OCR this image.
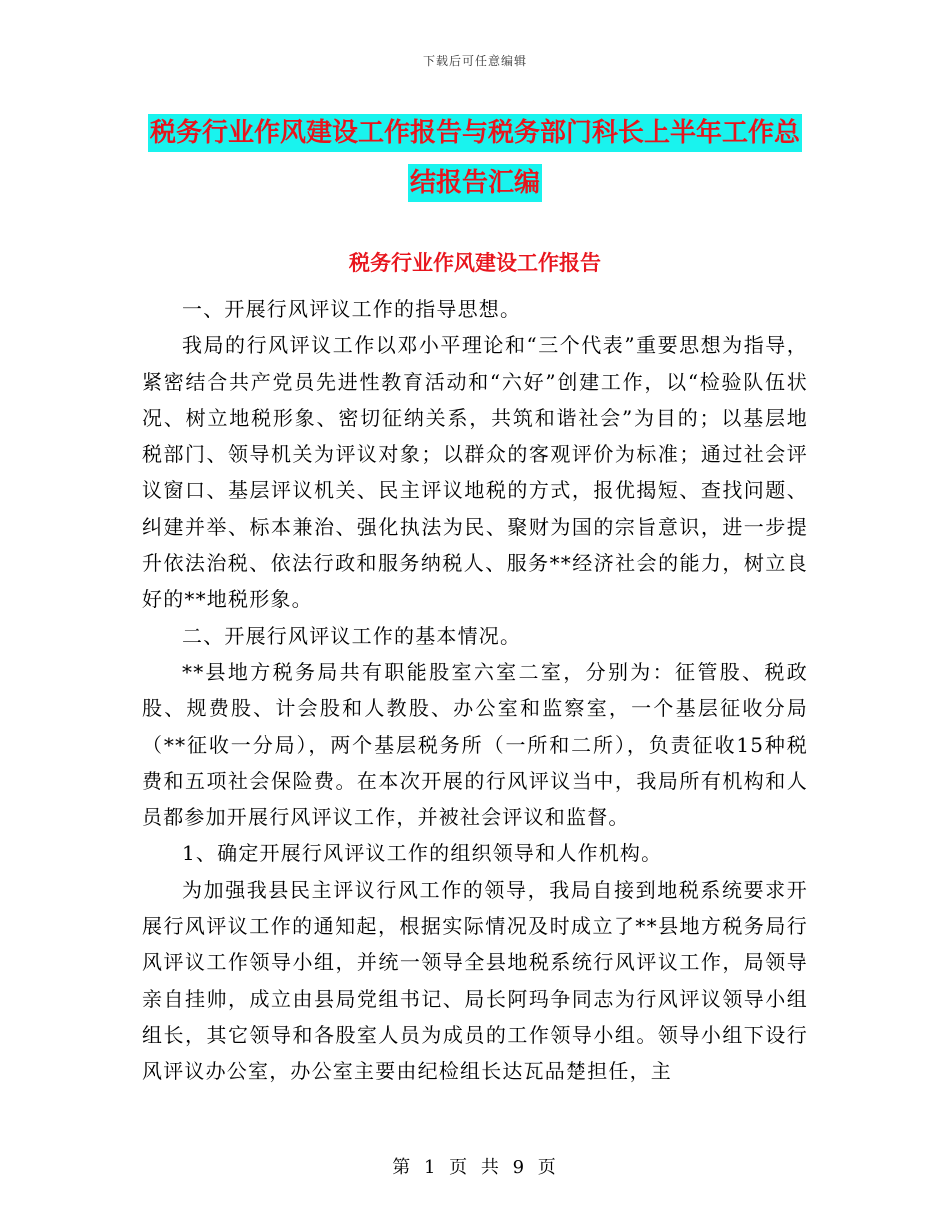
下载后可任意编辑
税务行业作风建设工作报告与税务部门科长上半年工作总结报告汇编
税务行业作风建设工作报告

一、开展行风评议工作的指导思想。

我局的行风评议工作以邓小平理论和“三个代表”重要思想为指导，紧密结合共产党员先进性教育活动和“六好”创建工作，以“检验队伍状况、树立地税形象、密切征纳关系，共筑和谐社会”为目的；以基层地税部门、领导机关为评议对象；以群众的客观评价为标准；通过社会评议窗口、基层评议机关、民主评议地税的方式，报优揭短、查找问题、纠建并举、标本兼治、强化执法为民、聚财为国的宗旨意识，进一步提升依法治税、依法行政和服务纳税人、服务**经济社会的能力，树立良好的**地税形象。

二、开展行风评议工作的基本情况。

**县地方税务局共有职能股室六室二室，分别为：征管股、税政股、规费股、计会股和人教股、办公室和监察室，一个基层征收分局（**征收一分局），两个基层税务所（一所和二所），负责征收15种税费和五项社会保险费。在本次开展的行风评议当中，我局所有机构和人员都参加开展行风评议工作，并被社会评议和监督。

1、确定开展行风评议工作的组织领导和人作机构。

为加强我县民主评议行风工作的领导，我局自接到地税系统要求开展行风评议工作的通知起，根据实际情况及时成立了**县地方税务局行风评议工作领导小组，并统一领导全县地税系统行风评议工作，局领导亲自挂帅，成立由县局党组书记、局长阿玛争同志为行风评议领导小组组长，其它领导和各股室人员为成员的工作领导小组。领导小组下设行风评议办公室，办公室主要由纪检组长达瓦品楚担任，主

第 1 页 共 9 页
